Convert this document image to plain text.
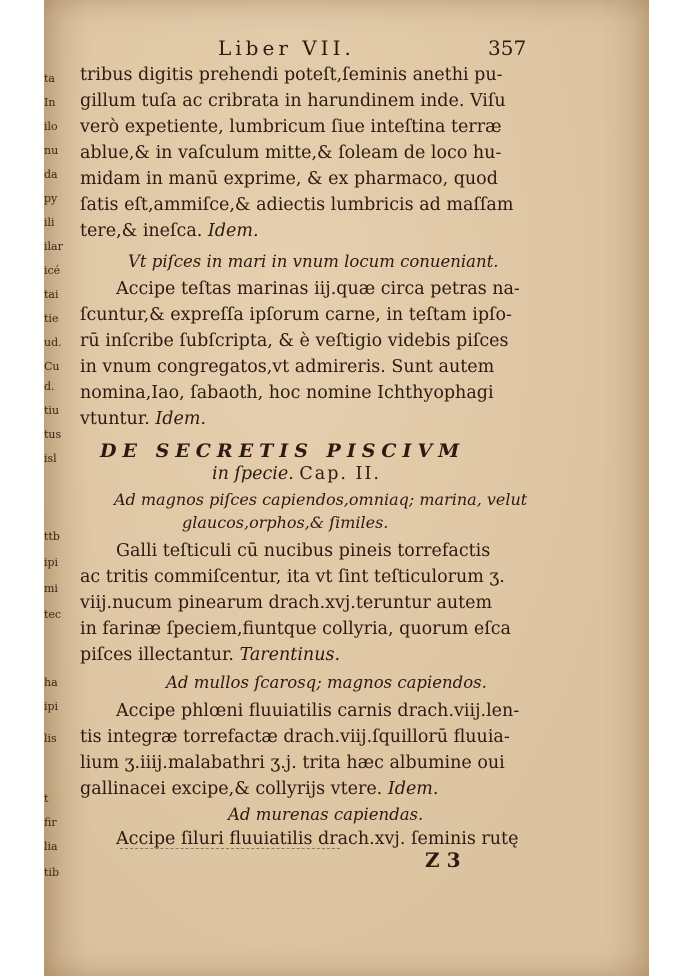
ta
In
ilo
nu
da
py
ili
ilar
icé
tai
tie
ud.
Cu
d.
tiu
tus
isl
ttb
ipi
mi
tec
ha
ipi
lis
t
fir
lia
tib
Liber VII.	357
tribus digitis prehendi poteſt,ſeminis anethi pu-
gillum tuſa ac cribrata in harundinem inde. Viſu
verò expetiente, lumbricum ſiue inteſtina terræ
ablue,& in vaſculum mitte,& ſoleam de loco hu-
midam in manū exprime, & ex pharmaco, quod
ſatis eſt,ammiſce,& adiectis lumbricis ad maſſam
tere,& ineſca. Idem.
Vt piſces in mari in vnum locum conueniant.
Accipe teſtas marinas iij.quæ circa petras na-
ſcuntur,& expreſſa ipſorum carne, in teſtam ipſo-
rū inſcribe ſubſcripta, & è veſtigio videbis piſces
in vnum congregatos,vt admireris. Sunt autem
nomina,Iao, ſabaoth, hoc nomine Ichthyophagi
vtuntur. Idem.
DE SECRETIS PISCIVM
in ſpecie. Cap. II.
Ad magnos piſces capiendos,omniaq; marina, velut
glaucos,orphos,& ſimiles.
Galli teſticuli cū nucibus pineis torrefactis
ac tritis commiſcentur, ita vt ſint teſticulorum ʒ.
viij.nucum pinearum drach.xvj.teruntur autem
in farinæ ſpeciem,fiuntque collyria, quorum eſca
piſces illectantur. Tarentinus.
Ad mullos ſcarosq; magnos capiendos.
Accipe phlœni fluuiatilis carnis drach.viij.len-
tis integræ torrefactæ drach.viij.ſquillorū fluuia-
lium ʒ.iiij.malabathri ʒ.j. trita hæc albumine oui
gallinacei excipe,& collyrijs vtere. Idem.
Ad murenas capiendas.
Accipe ſiluri fluuiatilis drach.xvj. ſeminis rutę
Z 3
